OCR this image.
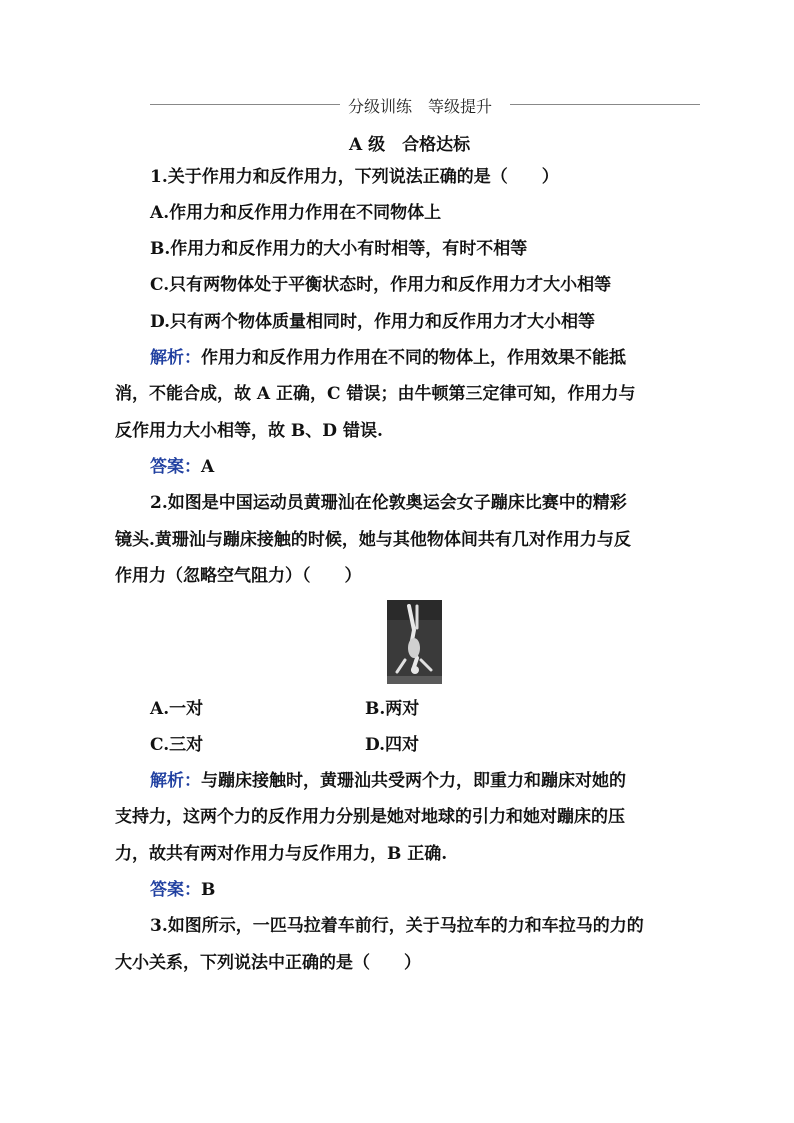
分级训练　等级提升
A 级　合格达标
1.关于作用力和反作用力，下列说法正确的是（　　）
A.作用力和反作用力作用在不同物体上
B.作用力和反作用力的大小有时相等，有时不相等
C.只有两物体处于平衡状态时，作用力和反作用力才大小相等
D.只有两个物体质量相同时，作用力和反作用力才大小相等
解析：作用力和反作用力作用在不同的物体上，作用效果不能抵
消，不能合成，故 A 正确，C 错误；由牛顿第三定律可知，作用力与
反作用力大小相等，故 B、D 错误.
答案：A
2.如图是中国运动员黄珊汕在伦敦奥运会女子蹦床比赛中的精彩
镜头.黄珊汕与蹦床接触的时候，她与其他物体间共有几对作用力与反
作用力（忽略空气阻力）（　　）
A.一对	B.两对
C.三对	D.四对
解析：与蹦床接触时，黄珊汕共受两个力，即重力和蹦床对她的
支持力，这两个力的反作用力分别是她对地球的引力和她对蹦床的压
力，故共有两对作用力与反作用力，B 正确.
答案：B
3.如图所示，一匹马拉着车前行，关于马拉车的力和车拉马的力的
大小关系，下列说法中正确的是（　　）
